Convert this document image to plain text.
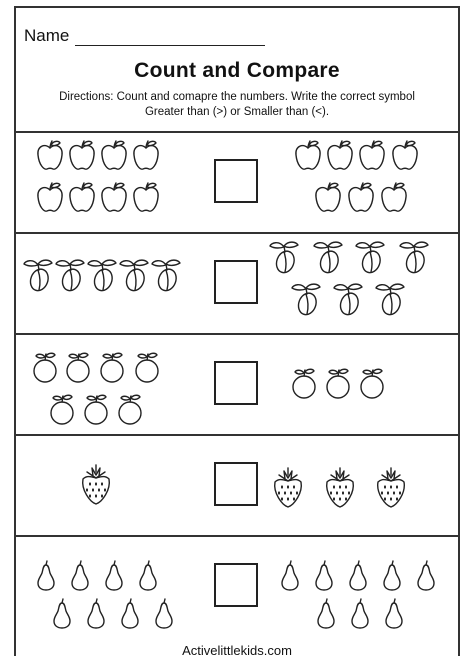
Name
Count and Compare
Directions: Count and comapre the numbers. Write the correct symbol
Greater than (>) or Smaller than (<).
Activelittlekids.com
